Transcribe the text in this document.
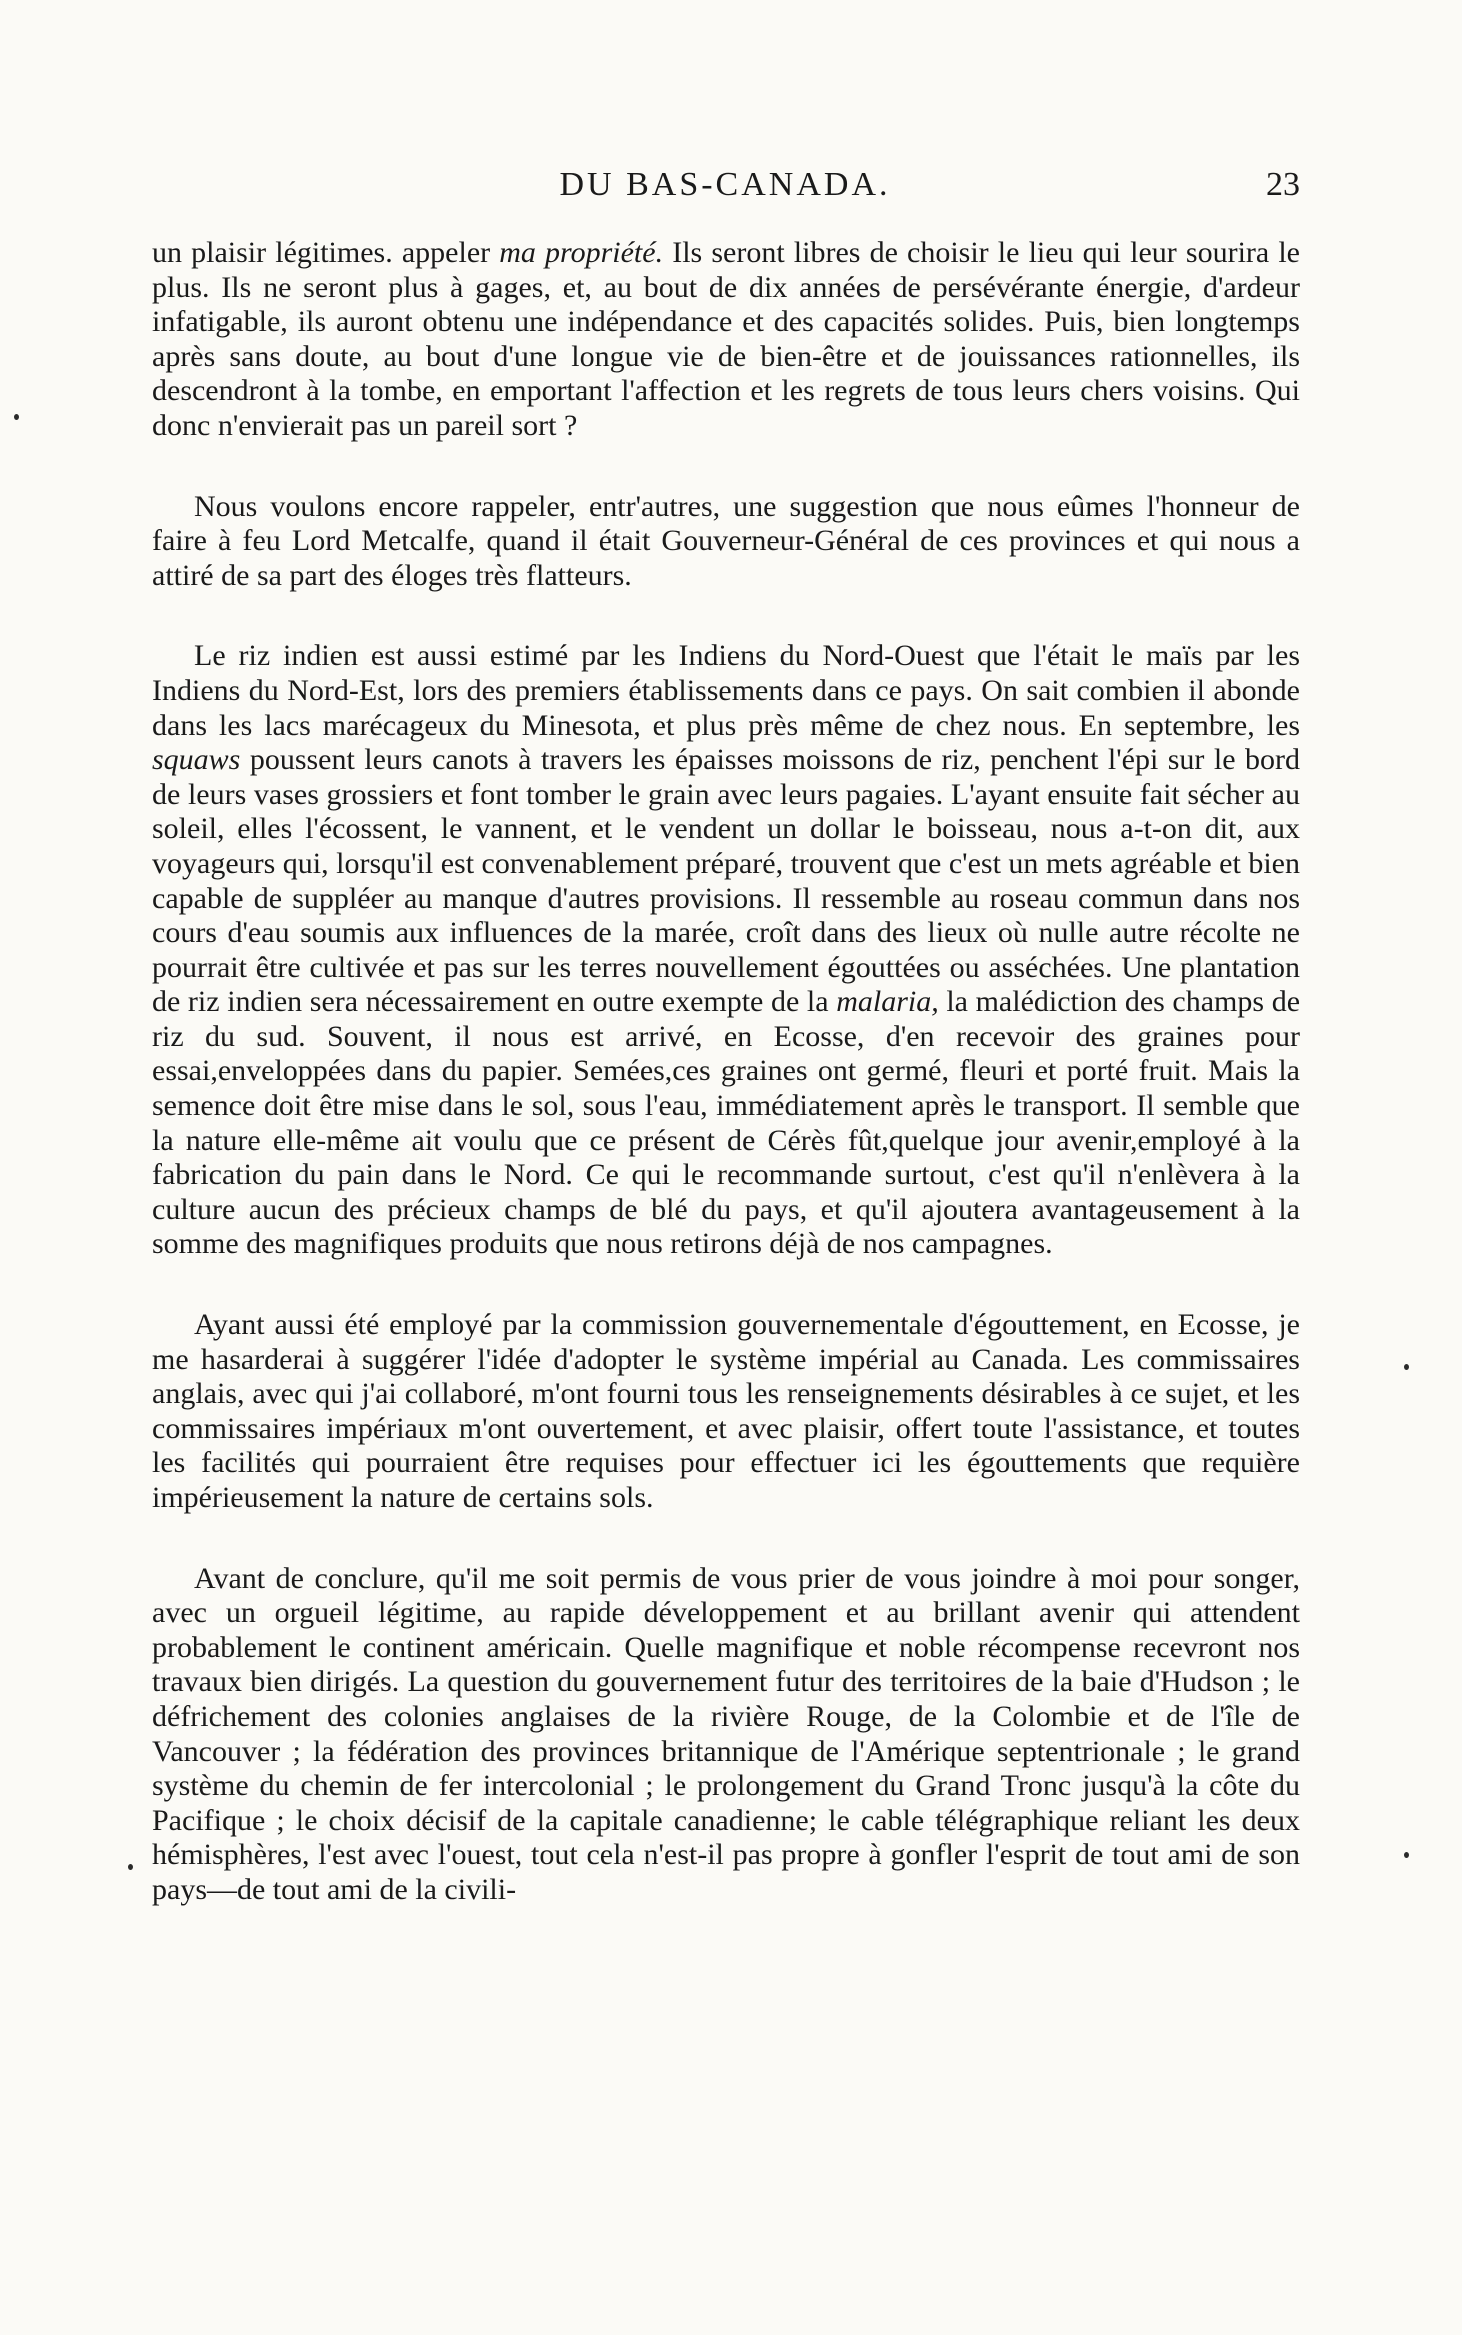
DU BAS-CANADA.	23

un plaisir légitimes. appeler ma propriété. Ils seront libres de choisir le lieu qui leur sourira le plus. Ils ne seront plus à gages, et, au bout de dix années de persévérante énergie, d'ardeur infatigable, ils auront obtenu une indépendance et des capacités solides. Puis, bien longtemps après sans doute, au bout d'une longue vie de bien-être et de jouissances rationnelles, ils descendront à la tombe, en emportant l'affection et les regrets de tous leurs chers voisins. Qui donc n'envierait pas un pareil sort ?

Nous voulons encore rappeler, entr'autres, une suggestion que nous eûmes l'honneur de faire à feu Lord Metcalfe, quand il était Gouverneur-Général de ces provinces et qui nous a attiré de sa part des éloges très flatteurs.

Le riz indien est aussi estimé par les Indiens du Nord-Ouest que l'était le maïs par les Indiens du Nord-Est, lors des premiers établissements dans ce pays. On sait combien il abonde dans les lacs marécageux du Minesota, et plus près même de chez nous. En septembre, les squaws poussent leurs canots à travers les épaisses moissons de riz, penchent l'épi sur le bord de leurs vases grossiers et font tomber le grain avec leurs pagaies. L'ayant ensuite fait sécher au soleil, elles l'écossent, le vannent, et le vendent un dollar le boisseau, nous a-t-on dit, aux voyageurs qui, lorsqu'il est convenablement préparé, trouvent que c'est un mets agréable et bien capable de suppléer au manque d'autres provisions. Il ressemble au roseau commun dans nos cours d'eau soumis aux influences de la marée, croît dans des lieux où nulle autre récolte ne pourrait être cultivée et pas sur les terres nouvellement égouttées ou asséchées. Une plantation de riz indien sera nécessairement en outre exempte de la malaria, la malédiction des champs de riz du sud. Souvent, il nous est arrivé, en Ecosse, d'en recevoir des graines pour essai,enveloppées dans du papier. Semées,ces graines ont germé, fleuri et porté fruit. Mais la semence doit être mise dans le sol, sous l'eau, immédiatement après le transport. Il semble que la nature elle-même ait voulu que ce présent de Cérès fût,quelque jour avenir,employé à la fabrication du pain dans le Nord. Ce qui le recommande surtout, c'est qu'il n'enlèvera à la culture aucun des précieux champs de blé du pays, et qu'il ajoutera avantageusement à la somme des magnifiques produits que nous retirons déjà de nos campagnes.

Ayant aussi été employé par la commission gouvernementale d'égouttement, en Ecosse, je me hasarderai à suggérer l'idée d'adopter le système impérial au Canada. Les commissaires anglais, avec qui j'ai collaboré, m'ont fourni tous les renseignements désirables à ce sujet, et les commissaires impériaux m'ont ouvertement, et avec plaisir, offert toute l'assistance, et toutes les facilités qui pourraient être requises pour effectuer ici les égouttements que requière impérieusement la nature de certains sols.

Avant de conclure, qu'il me soit permis de vous prier de vous joindre à moi pour songer, avec un orgueil légitime, au rapide développement et au brillant avenir qui attendent probablement le continent américain. Quelle magnifique et noble récompense recevront nos travaux bien dirigés. La question du gouvernement futur des territoires de la baie d'Hudson ; le défrichement des colonies anglaises de la rivière Rouge, de la Colombie et de l'île de Vancouver ; la fédération des provinces britannique de l'Amérique septentrionale ; le grand système du chemin de fer intercolonial ; le prolongement du Grand Tronc jusqu'à la côte du Pacifique ; le choix décisif de la capitale canadienne; le cable télégraphique reliant les deux hémisphères, l'est avec l'ouest, tout cela n'est-il pas propre à gonfler l'esprit de tout ami de son pays—de tout ami de la civili-
